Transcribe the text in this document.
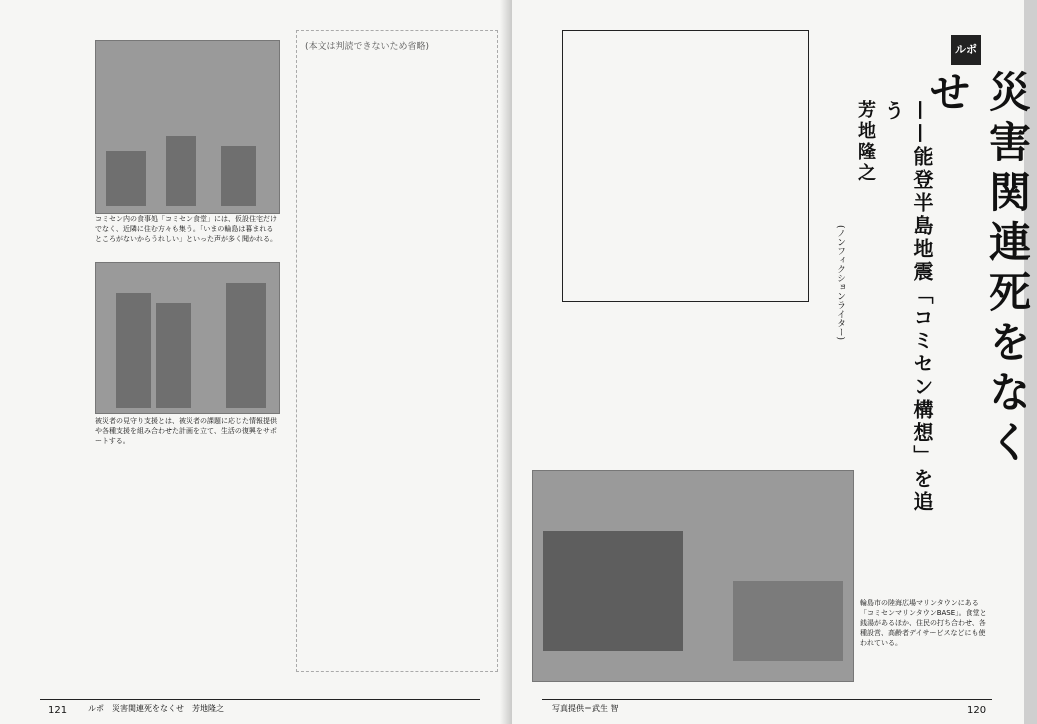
コミセン内の食事処「コミセン食堂」には、仮設住宅だけでなく、近隣に住む方々も集う。「いまの輪島は暮まれるところがないからうれしい」といった声が多く聞かれる。
被災者の見守り支援とは、被災者の課題に応じた情報提供や各種支援を組み合わせた計画を立て、生活の復興をサポートする。
(本文は判読できないため省略)
121	ルポ　災害関連死をなくせ　芳地隆之
ルポ
災害関連死をなくせ
——能登半島地震「コミセン構想」を追う
芳地隆之
(ノンフィクションライター)
輪島市の陸海広場マリンタウンにある「コミセンマリンタウンBASE」。食堂と銭湯があるほか、住民の打ち合わせ、各種設営、高齢者デイサービスなどにも使われている。
写真提供＝武生 智	120
